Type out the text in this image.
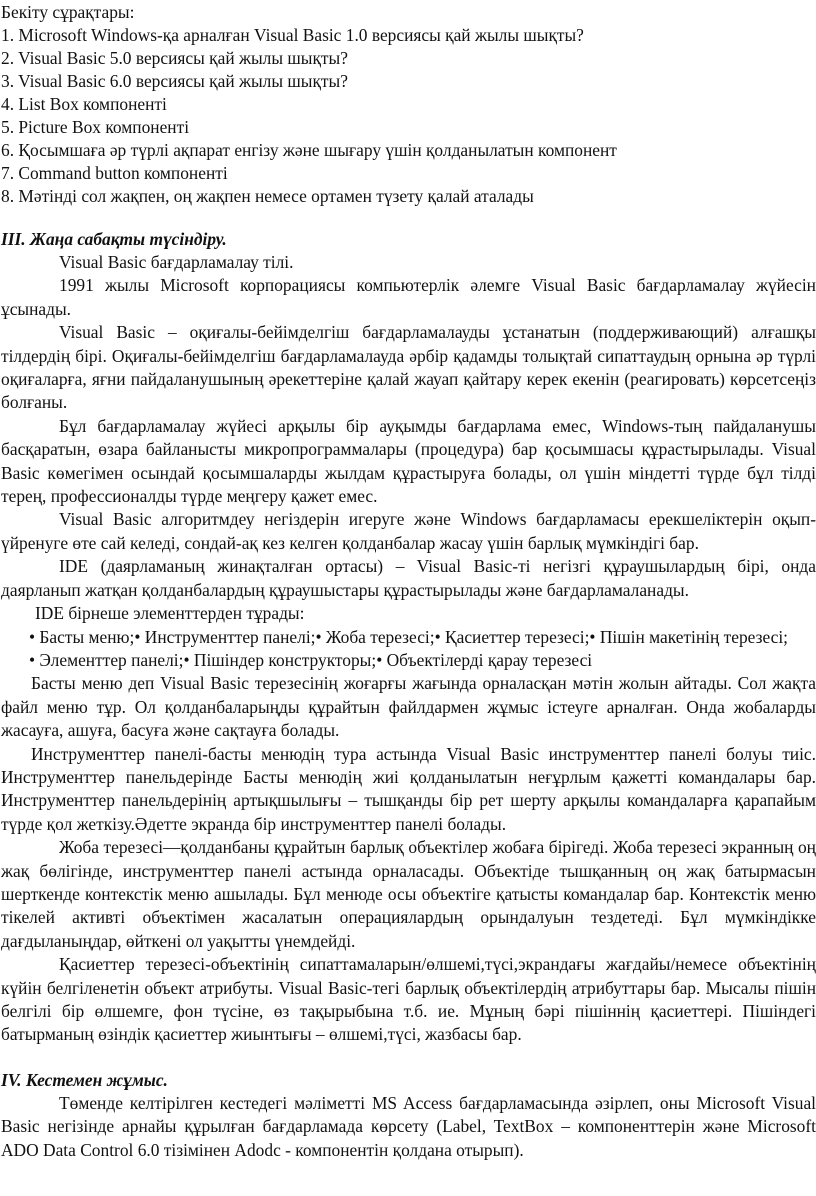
Бекіту сұрақтары:
1. Microsoft Windows-қа арналған Visual Basic 1.0 версиясы қай жылы шықты?
2. Visual Basic 5.0 версиясы қай жылы шықты?
3. Visual Basic 6.0 версиясы қай жылы шықты?
4. List Box компоненті
5. Picture Box компоненті
6. Қосымшаға әр түрлі ақпарат енгізу және шығару үшін қолданылатын компонент
7. Command button компоненті
8. Мәтінді сол жақпен, оң жақпен немесе ортамен түзету қалай аталады
III. Жаңа сабақты түсіндіру.
Visual Basic бағдарламалау тілі.
1991 жылы Microsoft корпорациясы компьютерлік әлемге Visual Basic бағдарламалау жүйесін ұсынады.
Visual Basic – оқиғалы-бейімделгіш бағдарламалауды ұстанатын (поддерживающий) алғашқы тілдердің бірі. Оқиғалы-бейімделгіш бағдарламалауда әрбір қадамды толықтай сипаттаудың орнына әр түрлі оқиғаларға, яғни пайдаланушының әрекеттеріне қалай жауап қайтару керек екенін (реагировать) көрсетсеңіз болғаны.
Бұл бағдарламалау жүйесі арқылы бір ауқымды бағдарлама емес, Windows-тың пайдаланушы басқаратын, өзара байланысты микропрограммалары (процедура) бар қосымшасы құрастырылады. Visual Basic көмегімен осындай қосымшаларды жылдам құрастыруға болады, ол үшін міндетті түрде бұл тілді терең, профессионалды түрде меңгеру қажет емес.
Visual Basic алгоритмдеу негіздерін игеруге және Windows бағдарламасы ерекшеліктерін оқып-үйренуге өте сай келеді, сондай-ақ кез келген қолданбалар жасау үшін барлық мүмкіндігі бар.
IDE (даярламаның жинақталған ортасы) – Visual Basic-ті негізгі құраушылардың бірі, онда даярланып жатқан қолданбалардың құраушыстары құрастырылады және бағдарламаланады.
IDE бірнеше элементтерден тұрады:
• Басты меню;• Инструменттер панелі;• Жоба терезесі;• Қасиеттер терезесі;• Пішін макетінің терезесі;
• Элементтер панелі;• Пішіндер конструкторы;• Объектілерді қарау терезесі
Басты меню деп Visual Basic терезесінің жоғарғы жағында орналасқан мәтін жолын айтады. Сол жақта файл меню тұр. Ол қолданбаларыңды құрайтын файлдармен жұмыс істеуге арналған. Онда жобаларды жасауға, ашуға, басуға және сақтауға болады.
Инструменттер панелі-басты менюдің тура астында Visual Basic инструменттер панелі болуы тиіс. Инструменттер панельдерінде Басты менюдің жиі қолданылатын неғұрлым қажетті командалары бар. Инструменттер панельдерінің артықшылығы – тышқанды бір рет шерту арқылы командаларға қарапайым түрде қол жеткізу.Әдетте экранда бір инструменттер панелі болады.
Жоба терезесі—қолданбаны құрайтын барлық объектілер жобаға бірігеді. Жоба терезесі экранның оң жақ бөлігінде, инструменттер панелі астында орналасады. Объектіде тышқанның оң жақ батырмасын шерткенде контекстік меню ашылады. Бұл менюде осы объектіге қатысты командалар бар. Контекстік меню тікелей активті объектімен жасалатын операциялардың орындалуын тездетеді. Бұл мүмкіндікке дағдыланыңдар, өйткені ол уақытты үнемдейді.
Қасиеттер терезесі-объектінің сипаттамаларын/өлшемі,түсі,экрандағы жағдайы/немесе объектінің күйін белгіленетін объект атрибуты. Visual Basic-тегі барлық объектілердің атрибуттары бар. Мысалы пішін белгілі бір өлшемге, фон түсіне, өз тақырыбына т.б. ие. Мұның бәрі пішіннің қасиеттері. Пішіндегі батырманың өзіндік қасиеттер жиынтығы – өлшемі,түсі, жазбасы бар.
IV. Кестемен жұмыс.
Төменде келтірілген кестедегі мәліметті MS Access бағдарламасында әзірлеп, оны Microsoft Visual Basic негізінде арнайы құрылған бағдарламада көрсету (Label, TextBox – компоненттерін және Microsoft ADO Data Control 6.0 тізімінен Adodc - компонентін қолдана отырып).
